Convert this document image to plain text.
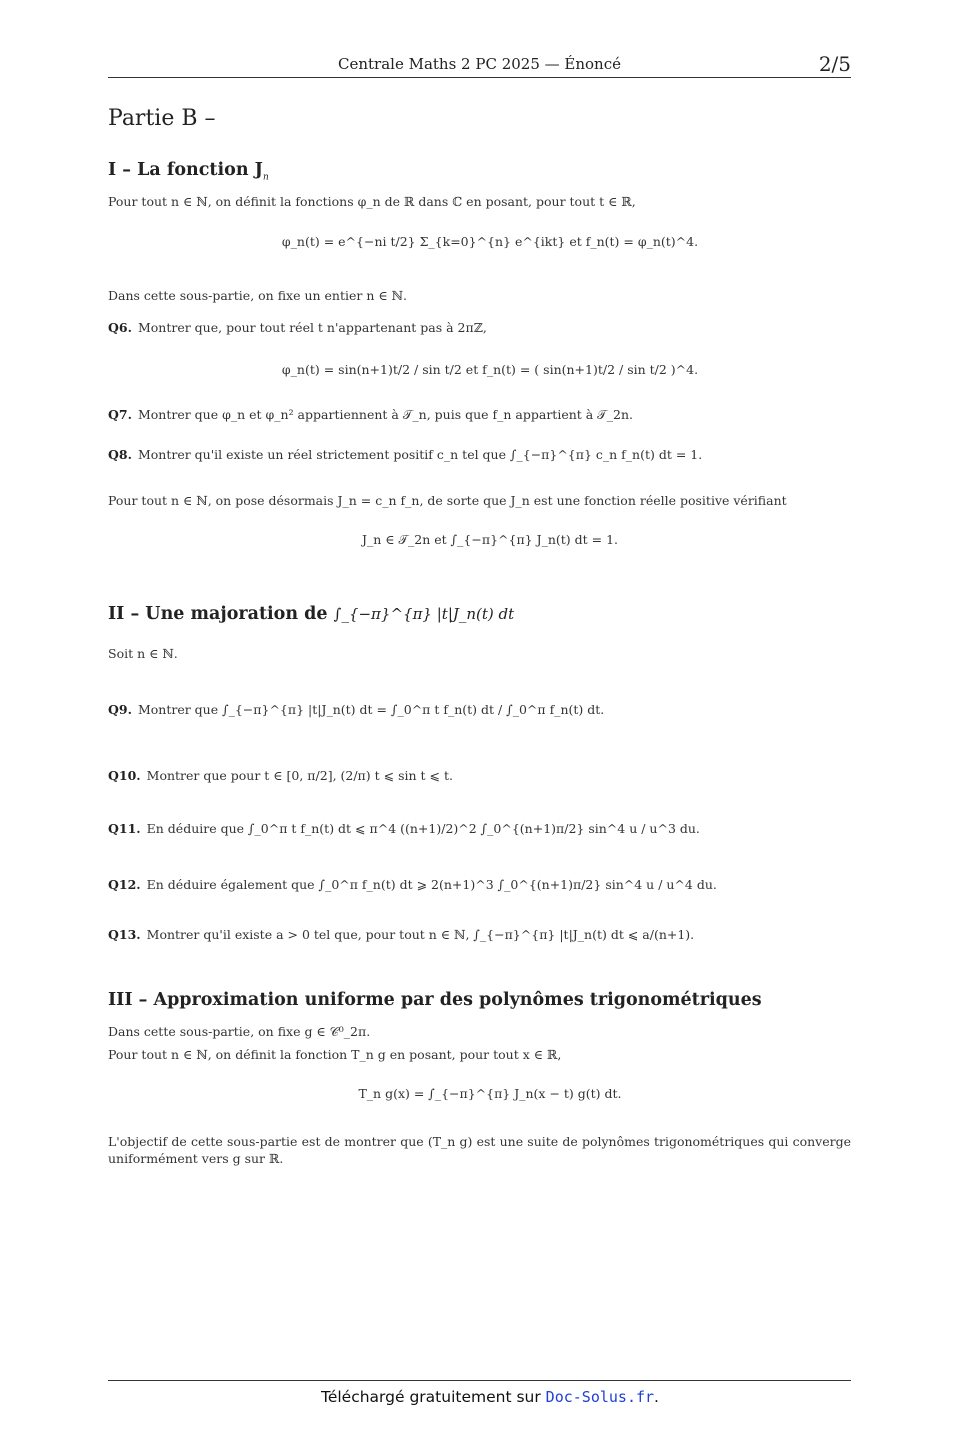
Centrale Maths 2 PC 2025 — Énoncé	2/5
Partie B –
I – La fonction $J_n$
Pour tout n ∈ ℕ, on définit la fonctions φ_n de ℝ dans ℂ en posant, pour tout t ∈ ℝ,
φ_n(t) = e^{−ni t/2} Σ_{k=0}^{n} e^{ikt} et f_n(t) = φ_n(t)^4.
Dans cette sous-partie, on fixe un entier n ∈ ℕ.
Q6. Montrer que, pour tout réel t n'appartenant pas à 2πℤ,
φ_n(t) = sin(n+1)t/2 / sin t/2 et f_n(t) = ( sin(n+1)t/2 / sin t/2 )^4.
Q7. Montrer que φ_n et φ_n² appartiennent à 𝒯_n, puis que f_n appartient à 𝒯_2n.
Q8. Montrer qu'il existe un réel strictement positif c_n tel que ∫_{−π}^{π} c_n f_n(t) dt = 1.
Pour tout n ∈ ℕ, on pose désormais J_n = c_n f_n, de sorte que J_n est une fonction réelle positive vérifiant
J_n ∈ 𝒯_2n et ∫_{−π}^{π} J_n(t) dt = 1.
II – Une majoration de ∫_{−π}^{π} |t|J_n(t) dt
Soit n ∈ ℕ.
Q9. Montrer que ∫_{−π}^{π} |t|J_n(t) dt = ∫_0^π t f_n(t) dt / ∫_0^π f_n(t) dt.
Q10. Montrer que pour t ∈ [0, π/2], (2/π) t ⩽ sin t ⩽ t.
Q11. En déduire que ∫_0^π t f_n(t) dt ⩽ π^4 ((n+1)/2)^2 ∫_0^{(n+1)π/2} sin^4 u / u^3 du.
Q12. En déduire également que ∫_0^π f_n(t) dt ⩾ 2(n+1)^3 ∫_0^{(n+1)π/2} sin^4 u / u^4 du.
Q13. Montrer qu'il existe a > 0 tel que, pour tout n ∈ ℕ, ∫_{−π}^{π} |t|J_n(t) dt ⩽ a/(n+1).
III – Approximation uniforme par des polynômes trigonométriques
Dans cette sous-partie, on fixe g ∈ 𝒞⁰_2π.
Pour tout n ∈ ℕ, on définit la fonction T_n g en posant, pour tout x ∈ ℝ,
T_n g(x) = ∫_{−π}^{π} J_n(x − t) g(t) dt.
L'objectif de cette sous-partie est de montrer que (T_n g) est une suite de polynômes trigonométriques qui converge uniformément vers g sur ℝ.
Téléchargé gratuitement sur Doc-Solus.fr.
